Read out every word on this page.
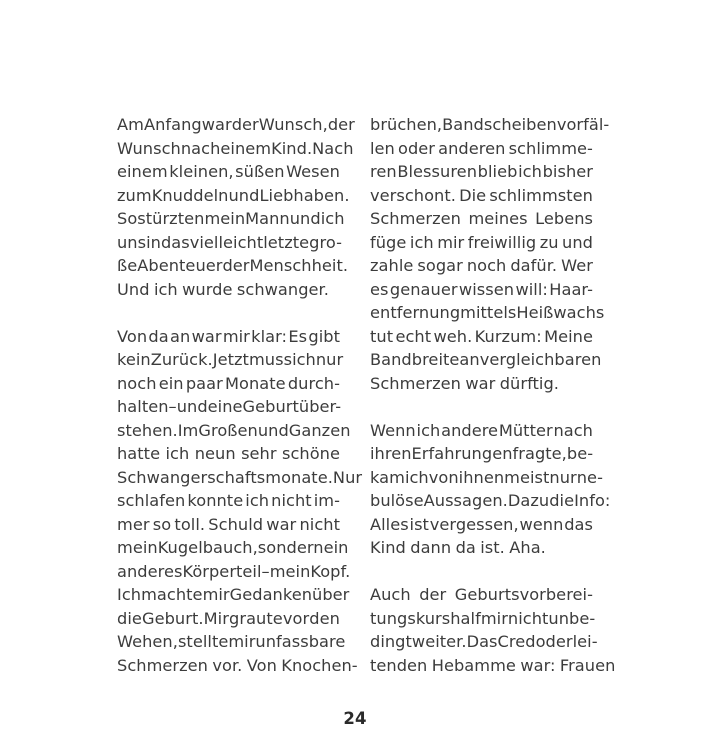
Am Anfang war der Wunsch, der
Wunsch nach einem Kind. Nach
einem kleinen, süßen Wesen
zum Knuddeln und Liebhaben.
So stürzten mein Mann und ich
uns in das vielleicht letzte gro-
ße Abenteuer der Menschheit.
Und ich wurde schwanger.
Von da an war mir klar: Es gibt
kein Zurück. Jetzt muss ich nur
noch ein paar Monate durch-
halten – und eine Geburt über-
stehen. Im Großen und Ganzen
hatte ich neun sehr schöne
Schwangerschaftsmonate. Nur
schlafen konnte ich nicht im-
mer so toll. Schuld war nicht
mein Kugelbauch, sondern ein
anderes Körperteil – mein Kopf.
Ich machte mir Gedanken über
die Geburt. Mir graute vor den
Wehen, stellte mir unfassbare
Schmerzen vor. Von Knochen-
brüchen, Bandscheibenvorfäl-
len oder anderen schlimme-
ren Blessuren blieb ich bisher
verschont. Die schlimmsten
Schmerzen meines Lebens
füge ich mir freiwillig zu und
zahle sogar noch dafür. Wer
es genauer wissen will: Haar-
entfernung mittels Heißwachs
tut echt weh. Kurzum: Meine
Bandbreite an vergleichbaren
Schmerzen war dürftig.
Wenn ich andere Mütter nach
ihren Erfahrungen fragte, be-
kam ich von ihnen meist nur ne-
bulöse Aussagen. Dazu die Info:
Alles ist vergessen, wenn das
Kind dann da ist. Aha.
Auch der Geburtsvorberei-
tungskurs half mir nicht unbe-
dingt weiter. Das Credo der lei-
tenden Hebamme war: Frauen
24
